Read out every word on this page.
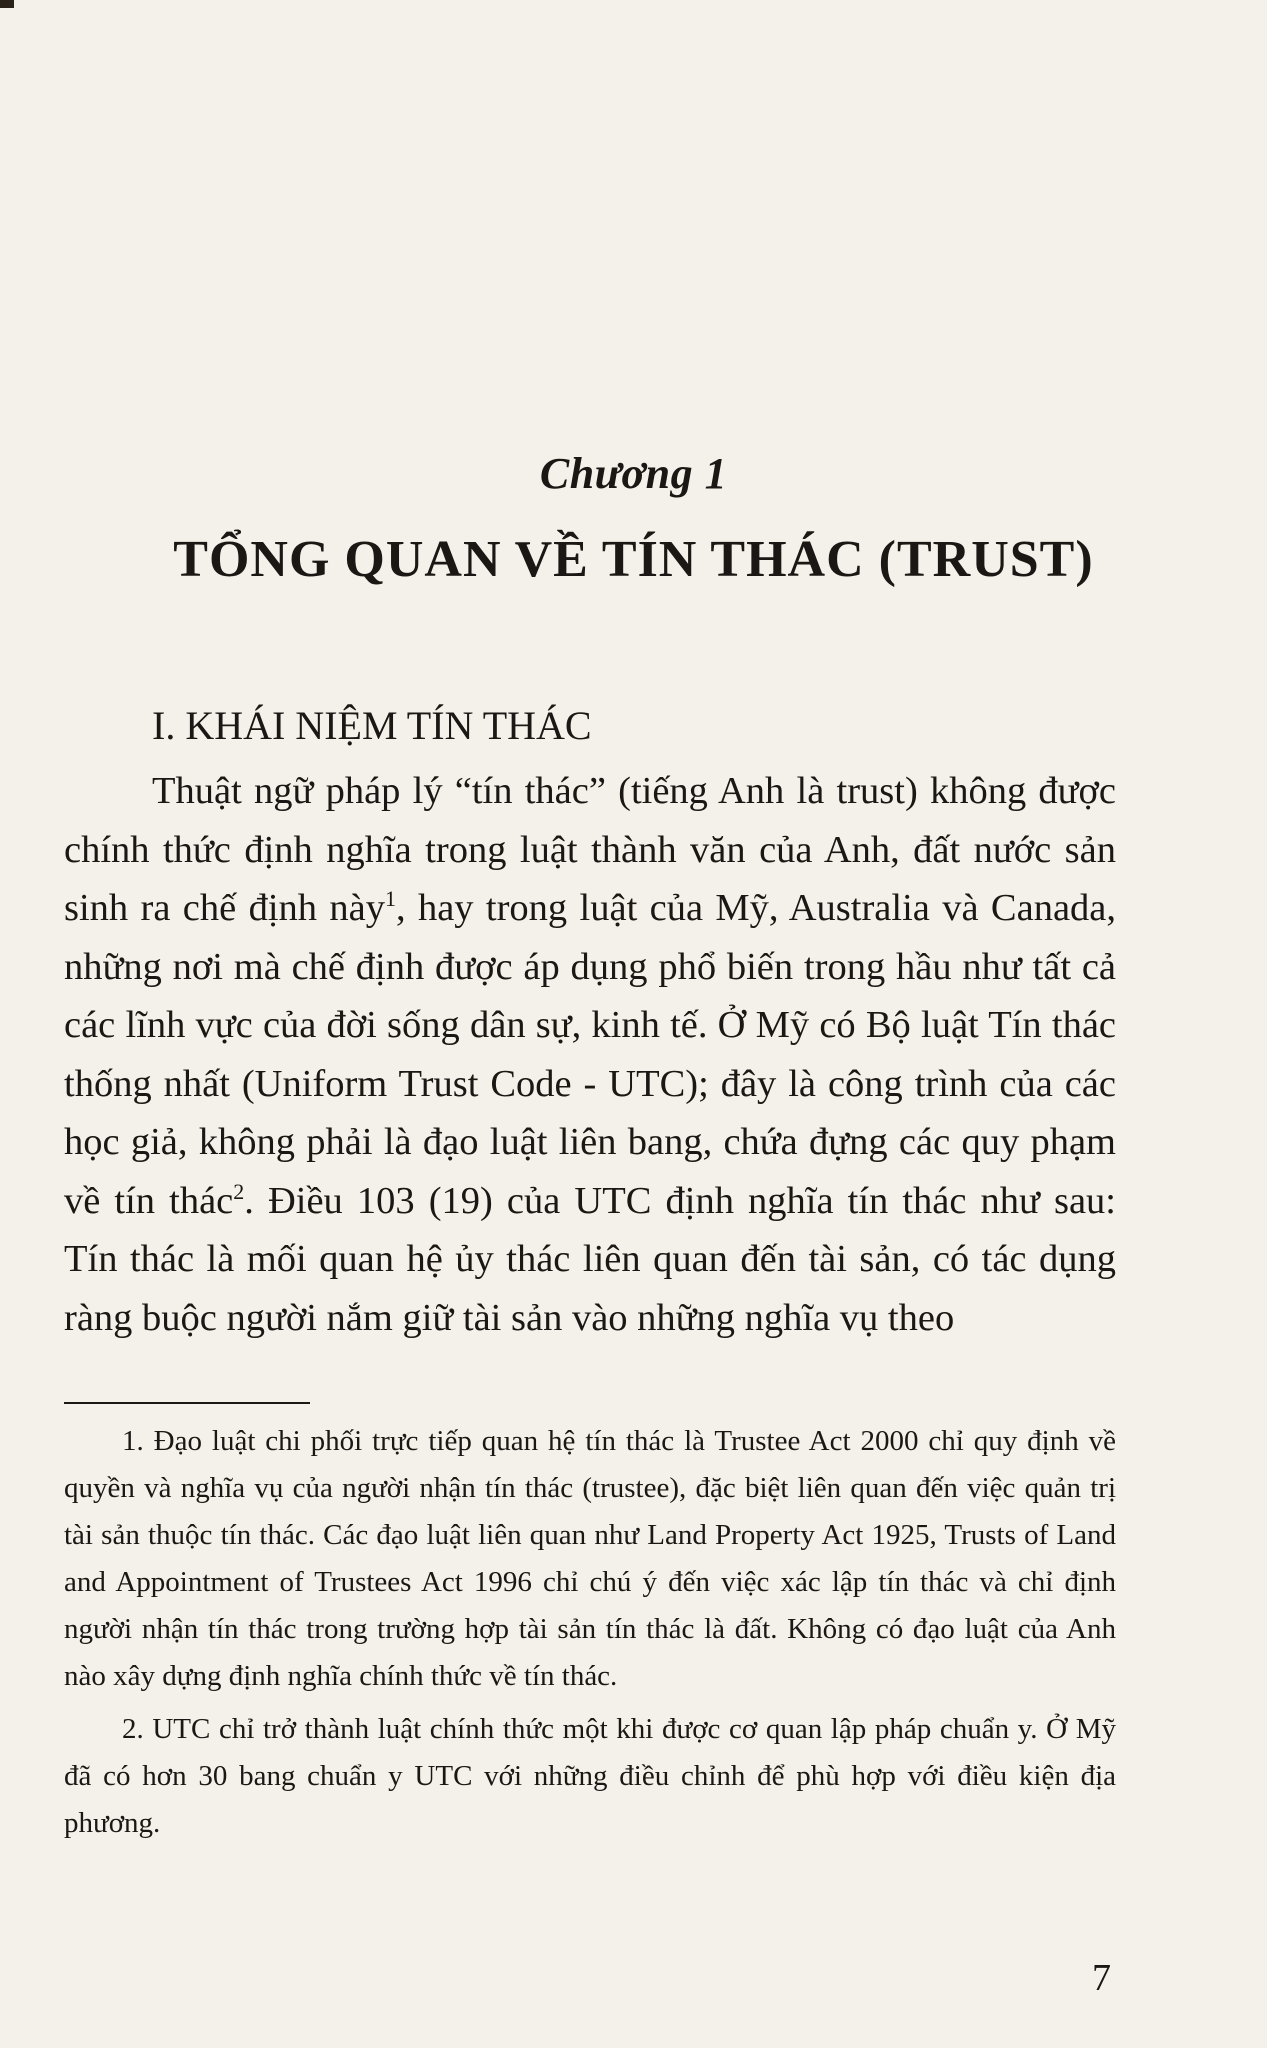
Chương 1
TỔNG QUAN VỀ TÍN THÁC (TRUST)
I. KHÁI NIỆM TÍN THÁC

Thuật ngữ pháp lý “tín thác” (tiếng Anh là trust) không được chính thức định nghĩa trong luật thành văn của Anh, đất nước sản sinh ra chế định này$^1$, hay trong luật của Mỹ, Australia và Canada, những nơi mà chế định được áp dụng phổ biến trong hầu như tất cả các lĩnh vực của đời sống dân sự, kinh tế. Ở Mỹ có Bộ luật Tín thác thống nhất (Uniform Trust Code - UTC); đây là công trình của các học giả, không phải là đạo luật liên bang, chứa đựng các quy phạm về tín thác$^2$. Điều 103 (19) của UTC định nghĩa tín thác như sau: Tín thác là mối quan hệ ủy thác liên quan đến tài sản, có tác dụng ràng buộc người nắm giữ tài sản vào những nghĩa vụ theo

1. Đạo luật chi phối trực tiếp quan hệ tín thác là Trustee Act 2000 chỉ quy định về quyền và nghĩa vụ của người nhận tín thác (trustee), đặc biệt liên quan đến việc quản trị tài sản thuộc tín thác. Các đạo luật liên quan như Land Property Act 1925, Trusts of Land and Appointment of Trustees Act 1996 chỉ chú ý đến việc xác lập tín thác và chỉ định người nhận tín thác trong trường hợp tài sản tín thác là đất. Không có đạo luật của Anh nào xây dựng định nghĩa chính thức về tín thác.

2. UTC chỉ trở thành luật chính thức một khi được cơ quan lập pháp chuẩn y. Ở Mỹ đã có hơn 30 bang chuẩn y UTC với những điều chỉnh để phù hợp với điều kiện địa phương.

7
